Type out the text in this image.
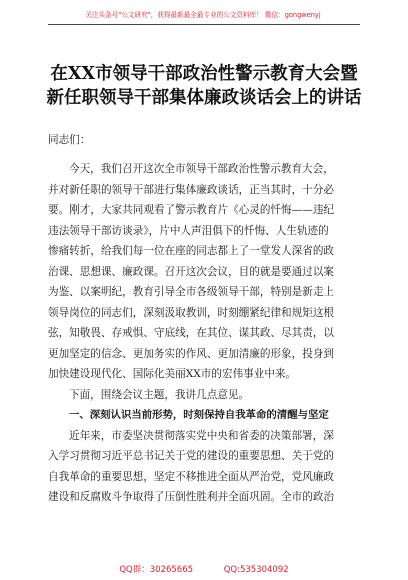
关注头条号"公文研究"，获得最新最全最专业的公文资料库！ 微信：gongwenyj
在XX市领导干部政治性警示教育大会暨
新任职领导干部集体廉政谈话会上的讲话
同志们：
今天，我们召开这次全市领导干部政治性警示教育大会，
并对新任职的领导干部进行集体廉政谈话，正当其时，十分必
要。刚才，大家共同观看了警示教育片《心灵的忏悔——违纪
违法领导干部访谈录》，片中人声泪俱下的忏悔、人生轨迹的
惨痛转折，给我们每一位在座的同志都上了一堂发人深省的政
治课、思想课、廉政课。召开这次会议，目的就是要通过以案
为鉴、以案明纪，教育引导全市各级领导干部，特别是新走上
领导岗位的同志们，深刻汲取教训，时刻绷紧纪律和规矩这根
弦，知敬畏、存戒惧、守底线，在其位、谋其政、尽其责，以
更加坚定的信念、更加务实的作风、更加清廉的形象，投身到
加快建设现代化、国际化美丽XX市的宏伟事业中来。
下面，围绕会议主题，我讲几点意见。
一、深刻认识当前形势，时刻保持自我革命的清醒与坚定
近年来，市委坚决贯彻落实党中央和省委的决策部署，深
入学习贯彻习近平总书记关于党的建设的重要思想、关于党的
自我革命的重要思想，坚定不移推进全面从严治党，党风廉政
建设和反腐败斗争取得了压倒性胜利并全面巩固。全市的政治
QQ群：30265665	QQ:535304092
